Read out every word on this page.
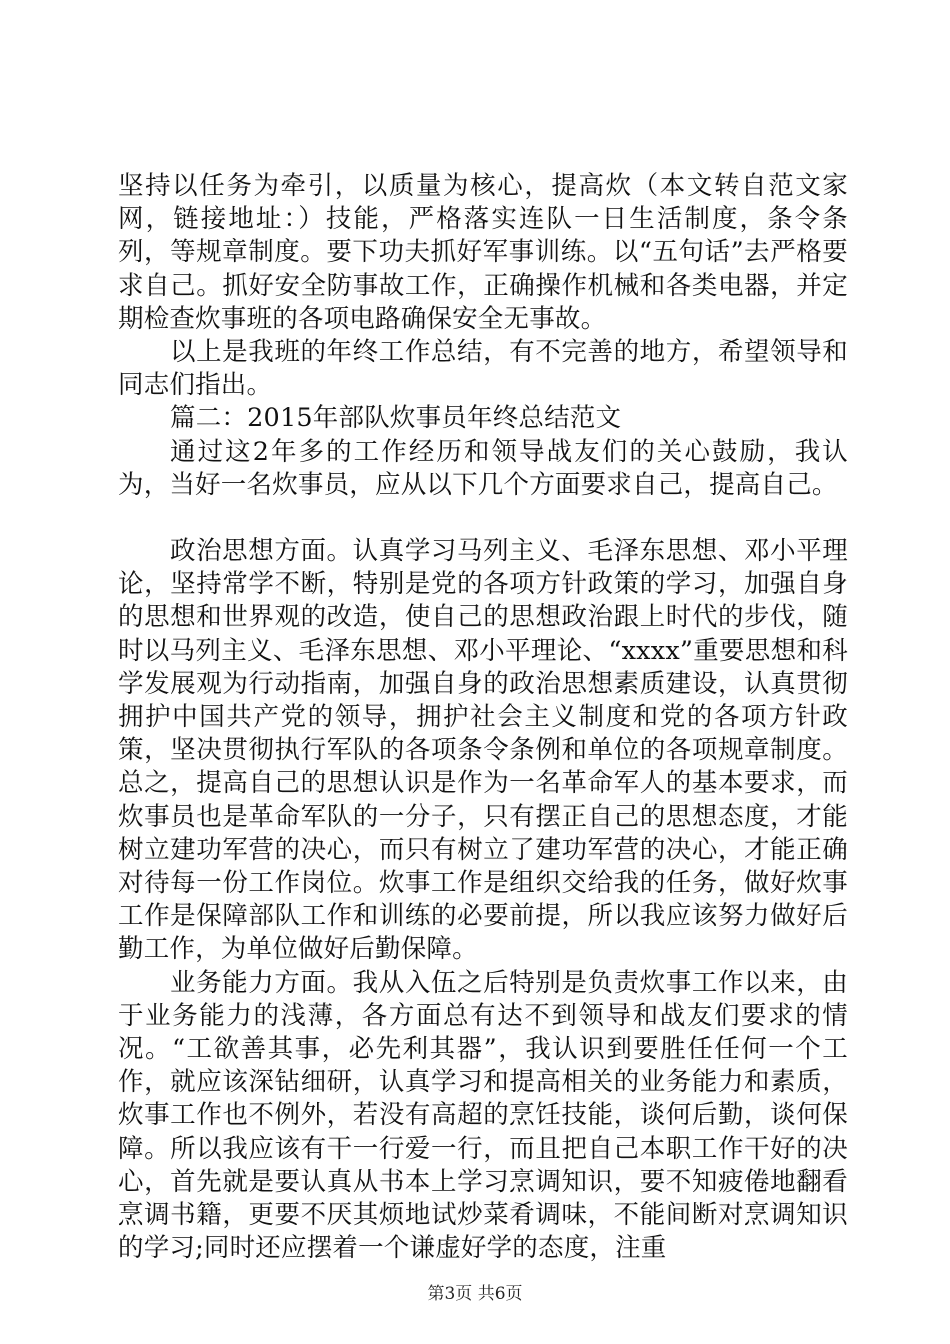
坚持以任务为牵引，以质量为核心，提高炊（本文转自范文家网，链接地址：）技能，严格落实连队一日生活制度，条令条列，等规章制度。要下功夫抓好军事训练。以“五句话”去严格要求自己。抓好安全防事故工作，正确操作机械和各类电器，并定期检查炊事班的各项电路确保安全无事故。

以上是我班的年终工作总结，有不完善的地方，希望领导和同志们指出。

篇二：2015年部队炊事员年终总结范文

通过这2年多的工作经历和领导战友们的关心鼓励，我认为，当好一名炊事员，应从以下几个方面要求自己，提高自己。

政治思想方面。认真学习马列主义、毛泽东思想、邓小平理论，坚持常学不断，特别是党的各项方针政策的学习，加强自身的思想和世界观的改造，使自己的思想政治跟上时代的步伐，随时以马列主义、毛泽东思想、邓小平理论、“xxxx”重要思想和科学发展观为行动指南，加强自身的政治思想素质建设，认真贯彻拥护中国共产党的领导，拥护社会主义制度和党的各项方针政策，坚决贯彻执行军队的各项条令条例和单位的各项规章制度。总之，提高自己的思想认识是作为一名革命军人的基本要求，而炊事员也是革命军队的一分子，只有摆正自己的思想态度，才能树立建功军营的决心，而只有树立了建功军营的决心，才能正确对待每一份工作岗位。炊事工作是组织交给我的任务，做好炊事工作是保障部队工作和训练的必要前提，所以我应该努力做好后勤工作，为单位做好后勤保障。

业务能力方面。我从入伍之后特别是负责炊事工作以来，由于业务能力的浅薄，各方面总有达不到领导和战友们要求的情况。“工欲善其事，必先利其器”，我认识到要胜任任何一个工作，就应该深钻细研，认真学习和提高相关的业务能力和素质，炊事工作也不例外，若没有高超的烹饪技能，谈何后勤，谈何保障。所以我应该有干一行爱一行，而且把自己本职工作干好的决心，首先就是要认真从书本上学习烹调知识，要不知疲倦地翻看烹调书籍，更要不厌其烦地试炒菜肴调味，不能间断对烹调知识的学习;同时还应摆着一个谦虚好学的态度，注重

第3页 共6页
